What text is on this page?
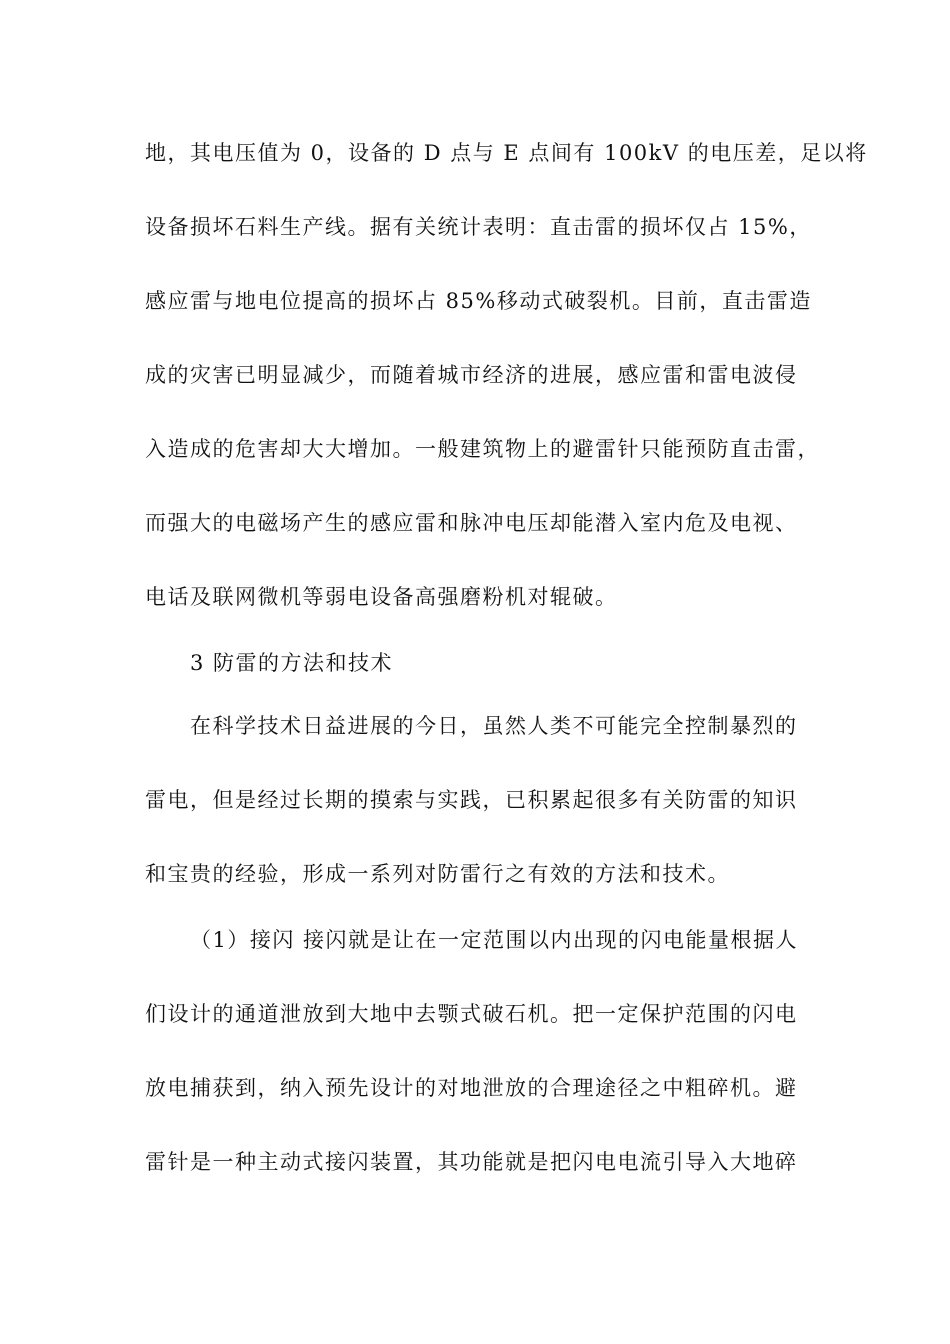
地，其电压值为 0，设备的 D 点与 E 点间有 100kV 的电压差，足以将
设备损坏石料生产线。据有关统计表明：直击雷的损坏仅占 15%，
感应雷与地电位提高的损坏占 85%移动式破裂机。目前，直击雷造
成的灾害已明显减少，而随着城市经济的进展，感应雷和雷电波侵
入造成的危害却大大增加。一般建筑物上的避雷针只能预防直击雷，
而强大的电磁场产生的感应雷和脉冲电压却能潜入室内危及电视、
电话及联网微机等弱电设备高强磨粉机对辊破。
3 防雷的方法和技术
在科学技术日益进展的今日，虽然人类不可能完全控制暴烈的
雷电，但是经过长期的摸索与实践，已积累起很多有关防雷的知识
和宝贵的经验，形成一系列对防雷行之有效的方法和技术。
（1）接闪 接闪就是让在一定范围以内出现的闪电能量根据人
们设计的通道泄放到大地中去颚式破石机。把一定保护范围的闪电
放电捕获到，纳入预先设计的对地泄放的合理途径之中粗碎机。避
雷针是一种主动式接闪装置，其功能就是把闪电电流引导入大地碎
